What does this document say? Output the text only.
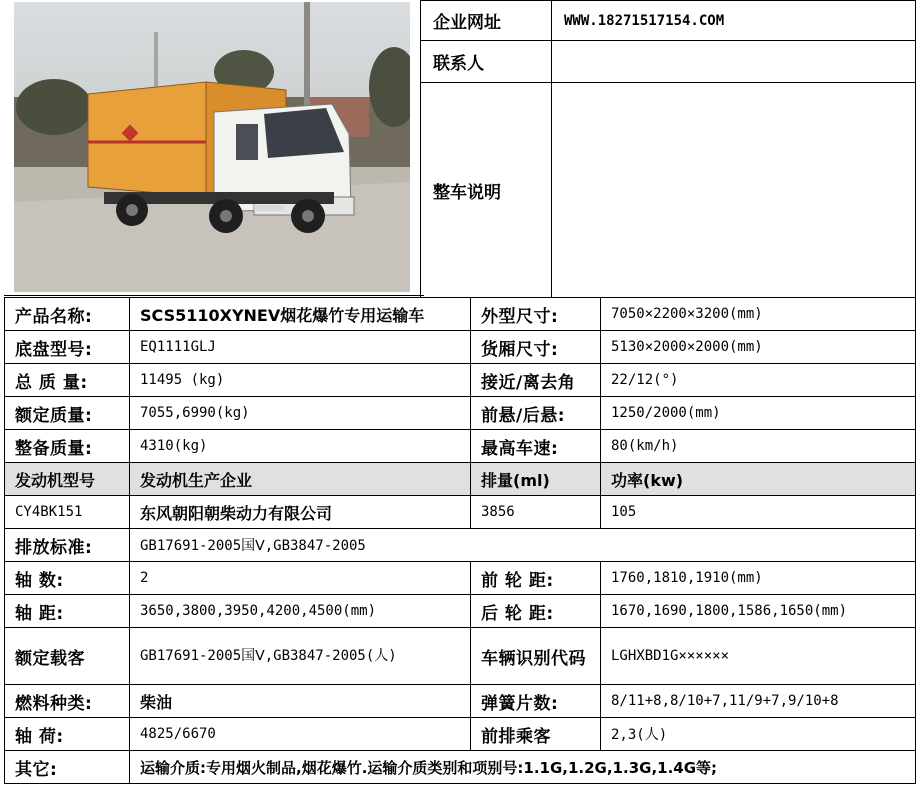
企业网址	WWW.18271517154.COM
联系人	
整车说明	
产品名称:	SCS5110XYNEV烟花爆竹专用运输车	外型尺寸:	7050×2200×3200(mm)
底盘型号:	EQ1111GLJ	货厢尺寸:	5130×2000×2000(mm)
总 质 量:	11495 (kg)	接近/离去角	22/12(°)
额定质量:	7055,6990(kg)	前悬/后悬:	1250/2000(mm)
整备质量:	4310(kg)	最高车速:	80(km/h)
发动机型号	发动机生产企业	排量(ml)	功率(kw)
CY4BK151	东风朝阳朝柴动力有限公司	3856	105
排放标准:	GB17691-2005国Ⅴ,GB3847-2005		
轴 数:	2	前 轮 距:	1760,1810,1910(mm)
轴 距:	3650,3800,3950,4200,4500(mm)	后 轮 距:	1670,1690,1800,1586,1650(mm)
额定载客	GB17691-2005国Ⅴ,GB3847-2005(人)	车辆识别代码	LGHXBD1G××××××
燃料种类:	柴油	弹簧片数:	8/11+8,8/10+7,11/9+7,9/10+8
轴 荷:	4825/6670	前排乘客	2,3(人)
其它:	运输介质:专用烟火制品,烟花爆竹.运输介质类别和项别号:1.1G,1.2G,1.3G,1.4G等;		
